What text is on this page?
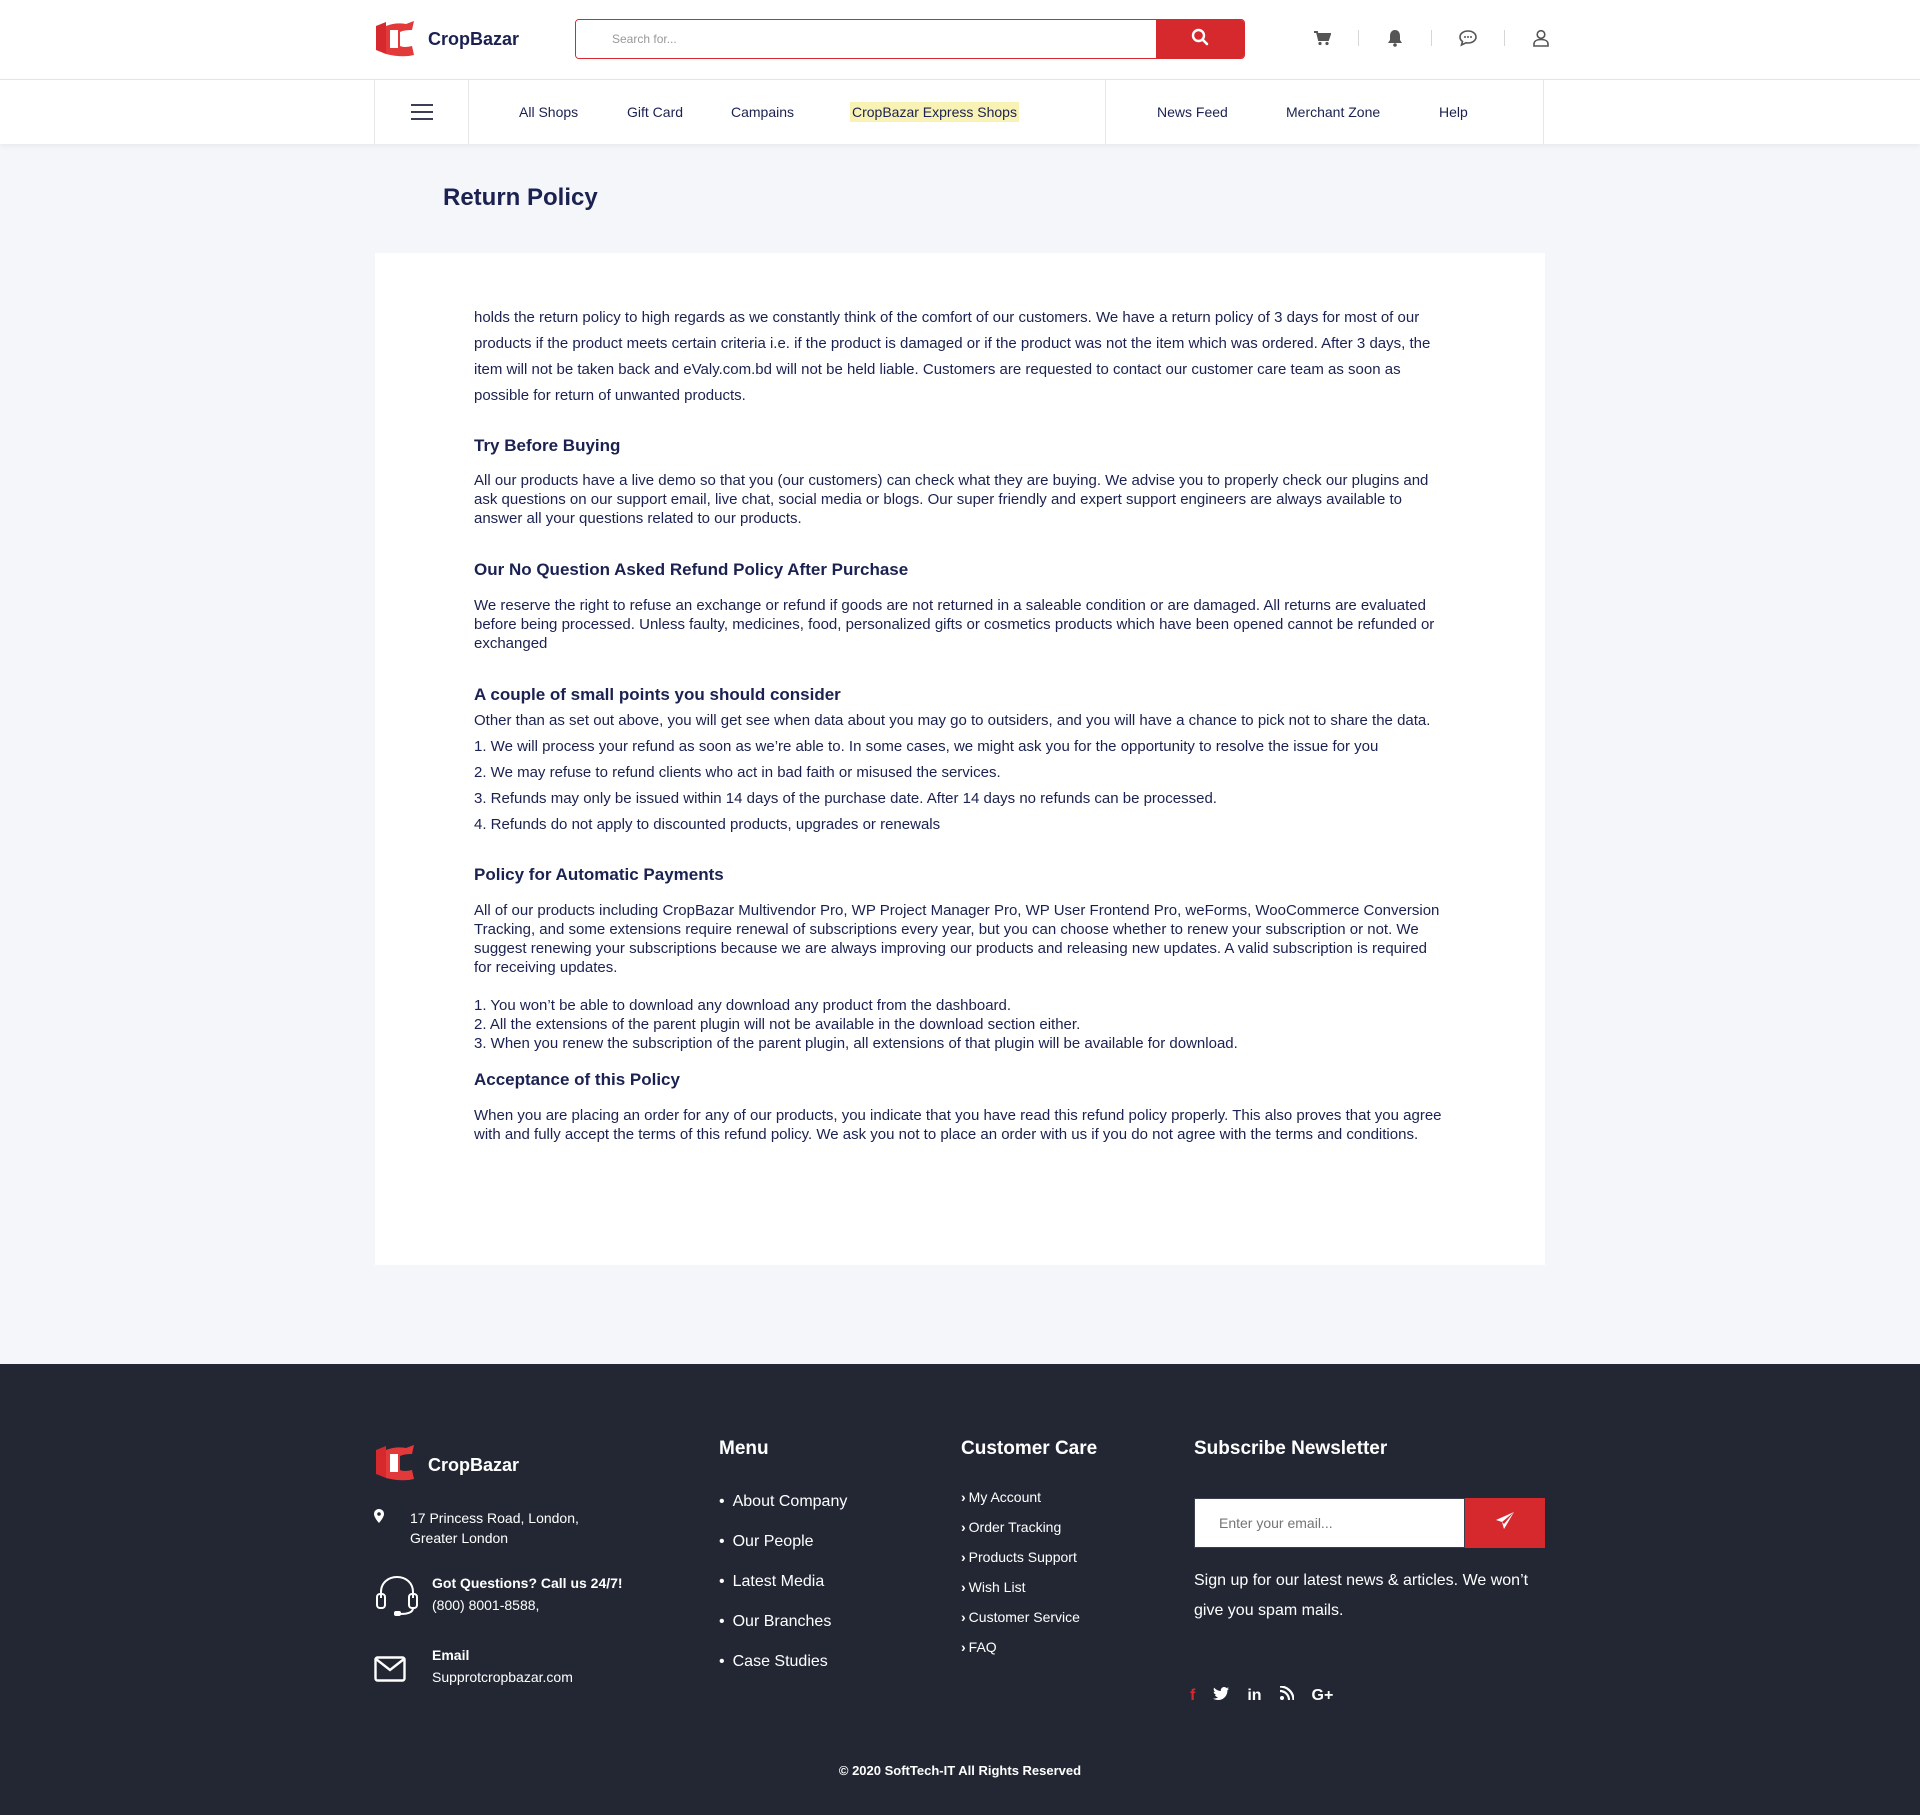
CropBazar
Search for...
All Shops	Gift Card	Campains	CropBazar Express Shops	News Feed	Merchant Zone	Help
Return Policy

holds the return policy to high regards as we constantly think of the comfort of our customers. We have a return policy of 3 days for most of our products if the product meets certain criteria i.e. if the product is damaged or if the product was not the item which was ordered. After 3 days, the item will not be taken back and eValy.com.bd will not be held liable. Customers are requested to contact our customer care team as soon as possible for return of unwanted products.

Try Before Buying

All our products have a live demo so that you (our customers) can check what they are buying. We advise you to properly check our plugins and ask questions on our support email, live chat, social media or blogs. Our super friendly and expert support engineers are always available to answer all your questions related to our products.

Our No Question Asked Refund Policy After Purchase

We reserve the right to refuse an exchange or refund if goods are not returned in a saleable condition or are damaged. All returns are evaluated before being processed. Unless faulty, medicines, food, personalized gifts or cosmetics products which have been opened cannot be refunded or exchanged

A couple of small points you should consider

Other than as set out above, you will get see when data about you may go to outsiders, and you will have a chance to pick not to share the data.

1. We will process your refund as soon as we’re able to. In some cases, we might ask you for the opportunity to resolve the issue for you
2. We may refuse to refund clients who act in bad faith or misused the services.
3. Refunds may only be issued within 14 days of the purchase date. After 14 days no refunds can be processed.
4. Refunds do not apply to discounted products, upgrades or renewals
Policy for Automatic Payments

All of our products including CropBazar Multivendor Pro, WP Project Manager Pro, WP User Frontend Pro, weForms, WooCommerce Conversion Tracking, and some extensions require renewal of subscriptions every year, but you can choose whether to renew your subscription or not. We suggest renewing your subscriptions because we are always improving our products and releasing new updates. A valid subscription is required for receiving updates.

1. You won’t be able to download any download any product from the dashboard.
2. All the extensions of the parent plugin will not be available in the download section either.
3. When you renew the subscription of the parent plugin, all extensions of that plugin will be available for download.
Acceptance of this Policy

When you are placing an order for any of our products, you indicate that you have read this refund policy properly. This also proves that you agree with and fully accept the terms of this refund policy. We ask you not to place an order with us if you do not agree with the terms and conditions.

CropBazar
17 Princess Road, London,
Greater London
Got Questions? Call us 24/7!
(800) 8001-8588,
Email
Supprotcropbazar.com
Menu
• About Company
• Our People
• Latest Media
• Our Branches
• Case Studies
Customer Care
› My Account
› Order Tracking
› Products Support
› Wish List
› Customer Service
› FAQ
Subscribe Newsletter
Enter your email...

Sign up for our latest news & articles. We won’t give you spam mails.

f	in	G+
© 2020 SoftTech-IT All Rights Reserved
